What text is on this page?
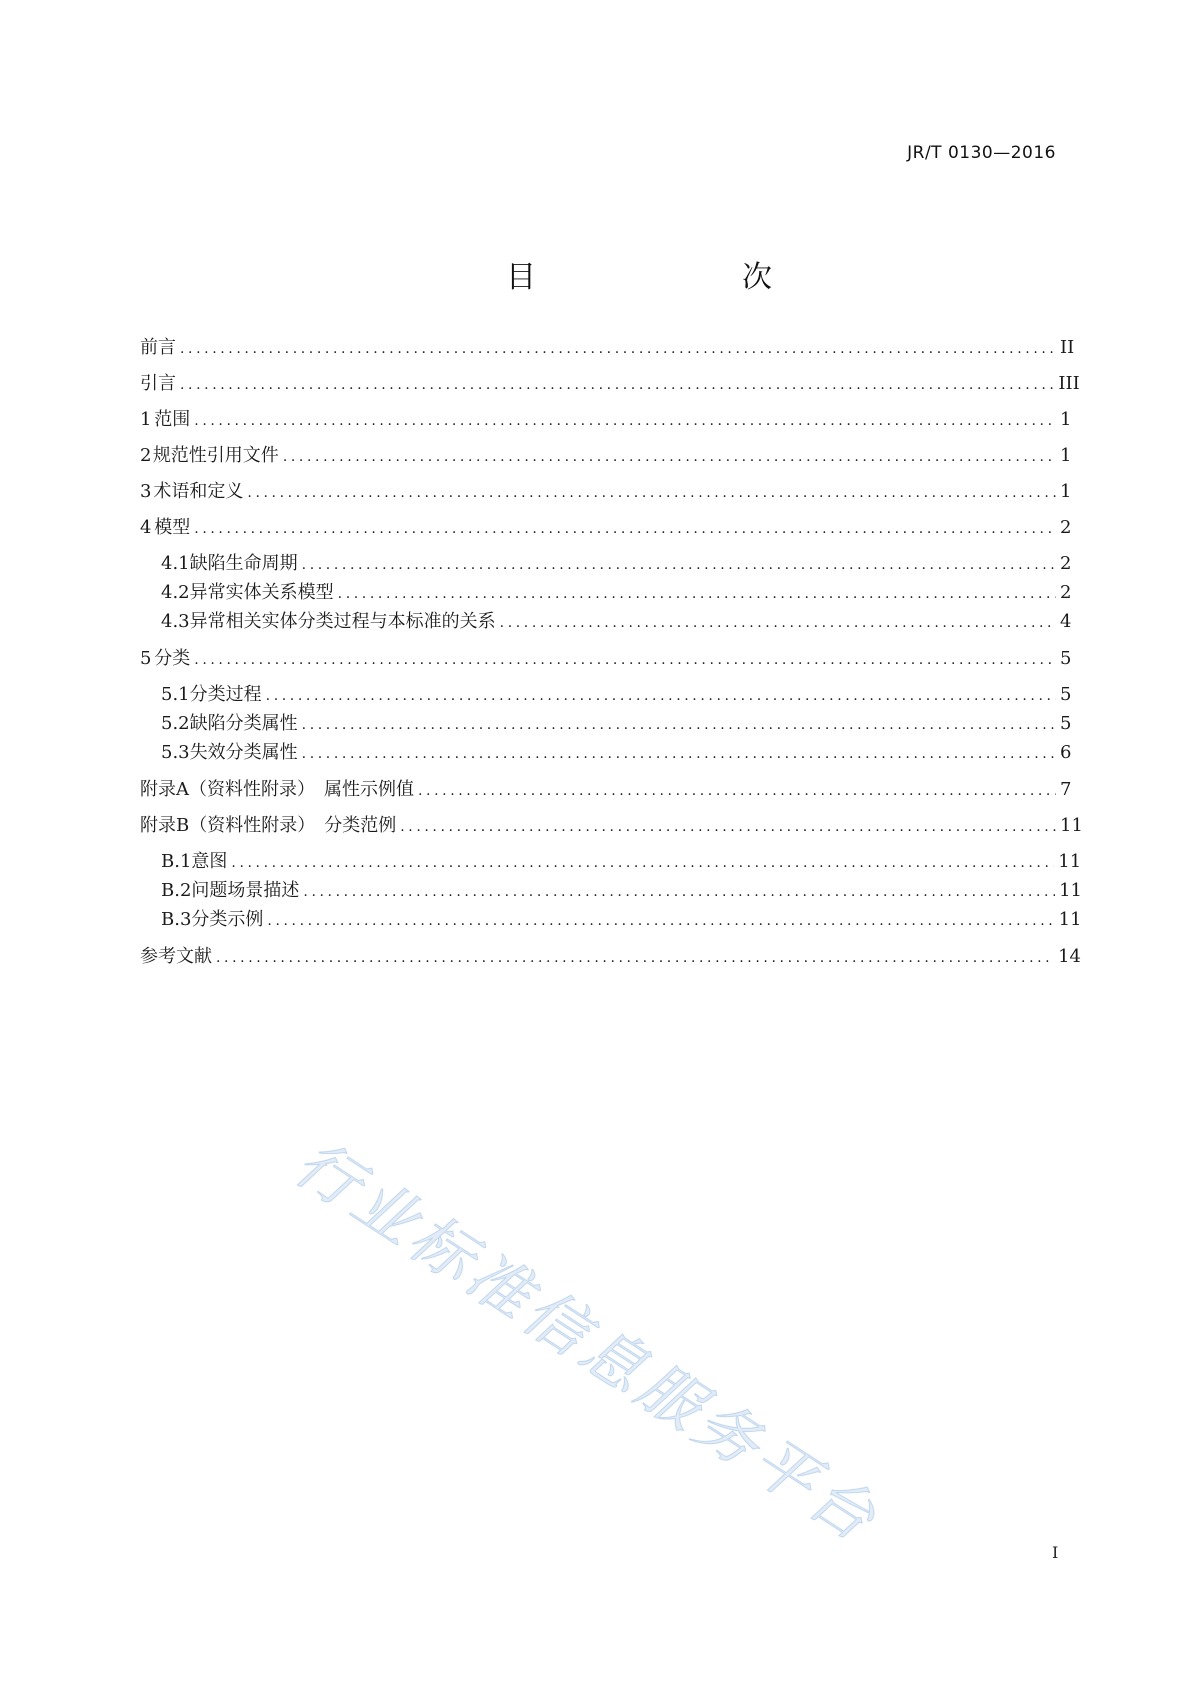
JR/T 0130—2016
目　次
前言 .....	II
引言 .....	III
1 范围 .....	1
2 规范性引用文件 .....	1
3 术语和定义 .....	1
4 模型 .....	2
4.1 缺陷生命周期 .....	2
4.2 异常实体关系模型 .....	2
4.3 异常相关实体分类过程与本标准的关系 .....	4
5 分类 .....	5
5.1 分类过程 .....	5
5.2 缺陷分类属性 .....	5
5.3 失效分类属性 .....	6
附录A（资料性附录）　属性示例值 .....	7
附录B（资料性附录）　分类范例 .....	11
B.1 意图 .....	11
B.2 问题场景描述 .....	11
B.3 分类示例 .....	11
参考文献 .....	14
行业标准信息服务平台	I
